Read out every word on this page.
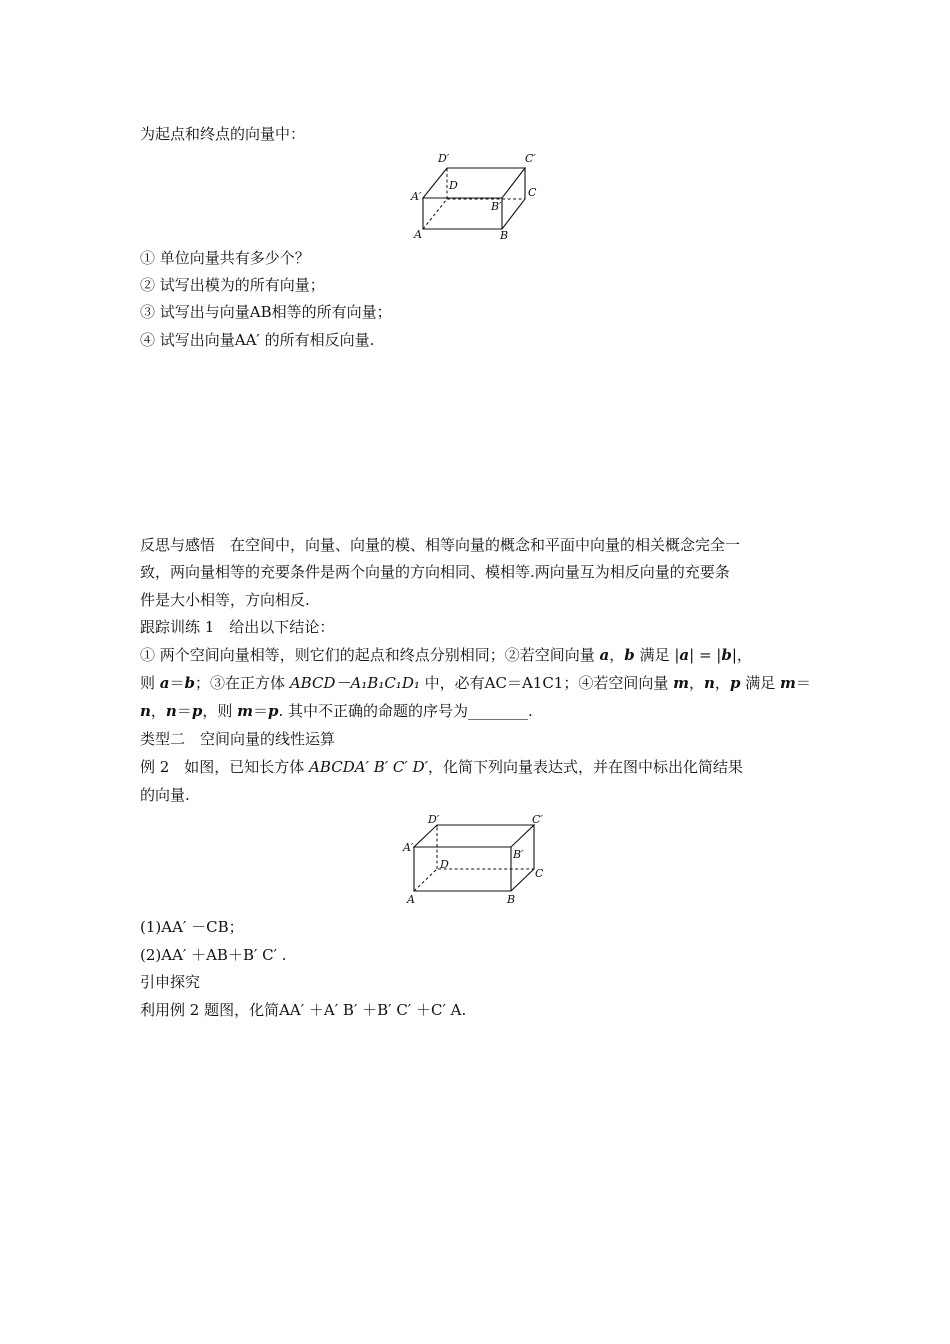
为起点和终点的向量中：
D′	C′
A′
D
C
B′
A	B
① 单位向量共有多少个？
② 试写出模为的所有向量；
③ 试写出与向量AB相等的所有向量；
④ 试写出向量AA′ 的所有相反向量.
反思与感悟　在空间中，向量、向量的模、相等向量的概念和平面中向量的相关概念完全一
致，两向量相等的充要条件是两个向量的方向相同、模相等.两向量互为相反向量的充要条
件是大小相等，方向相反.
跟踪训练 1　给出以下结论：
① 两个空间向量相等，则它们的起点和终点分别相同；②若空间向量 a，b 满足 |a| = |b|，
则 a＝b；③在正方体 ABCD－A₁B₁C₁D₁ 中，必有AC＝A1C1；④若空间向量 m，n，p 满足 m＝
n，n＝p，则 m＝p. 其中不正确的命题的序号为________.
类型二　空间向量的线性运算
例 2　如图，已知长方体 ABCDA′ B′ C′ D′，化简下列向量表达式，并在图中标出化简结果
的向量.
D′	C′
A′
B′
D
C
A	B
(1)AA′ －CB；
(2)AA′ ＋AB＋B′ C′ .
引申探究
利用例 2 题图，化简AA′ ＋A′ B′ ＋B′ C′ ＋C′ A.
